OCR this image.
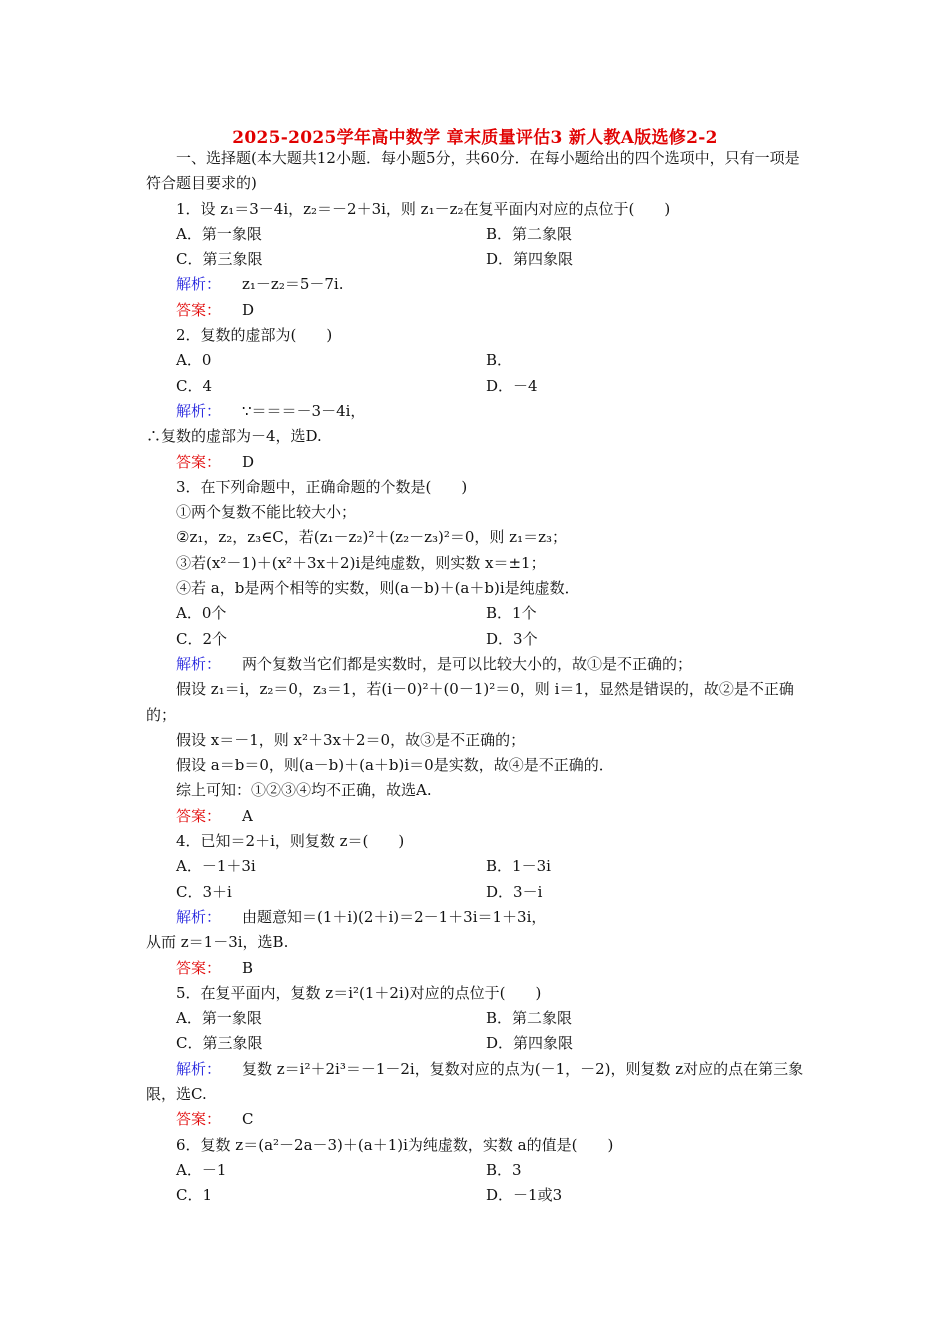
2025-2025学年高中数学 章末质量评估3 新人教A版选修2-2
一、选择题(本大题共12小题．每小题5分，共60分．在每小题给出的四个选项中，只有一项是符合题目要求的)
1．设 z₁＝3－4i，z₂＝－2＋3i，则 z₁－z₂在复平面内对应的点位于(　　)
A．第一象限	B．第二象限
C．第三象限	D．第四象限
解析： z₁－z₂＝5－7i.
答案： D
2．复数的虚部为(　　)
A．0	B．
C．4	D．－4
解析： ∵＝＝＝－3－4i，
∴复数的虚部为－4，选D.
答案： D
3．在下列命题中，正确命题的个数是(　　)
①两个复数不能比较大小；
②z₁，z₂，z₃∈C，若(z₁－z₂)²＋(z₂－z₃)²＝0，则 z₁＝z₃；
③若(x²－1)＋(x²＋3x＋2)i是纯虚数，则实数 x＝±1；
④若 a，b是两个相等的实数，则(a－b)＋(a＋b)i是纯虚数．
A．0个	B．1个
C．2个	D．3个
解析： 两个复数当它们都是实数时，是可以比较大小的，故①是不正确的；
假设 z₁＝i，z₂＝0，z₃＝1，若(i－0)²＋(0－1)²＝0，则 i＝1，显然是错误的，故②是不正确的；
假设 x＝－1，则 x²＋3x＋2＝0，故③是不正确的；
假设 a＝b＝0，则(a－b)＋(a＋b)i＝0是实数，故④是不正确的．
综上可知：①②③④均不正确，故选A.
答案： A
4．已知＝2＋i，则复数 z＝(　　)
A．－1＋3i	B．1－3i
C．3＋i	D．3－i
解析： 由题意知＝(1＋i)(2＋i)＝2－1＋3i＝1＋3i，
从而 z＝1－3i，选B.
答案： B
5．在复平面内，复数 z＝i²(1＋2i)对应的点位于(　　)
A．第一象限	B．第二象限
C．第三象限	D．第四象限
解析： 复数 z＝i²＋2i³＝－1－2i，复数对应的点为(－1，－2)，则复数 z对应的点在第三象限，选C.
答案： C
6．复数 z＝(a²－2a－3)＋(a＋1)i为纯虚数，实数 a的值是(　　)
A．－1	B．3
C．1	D．－1或3
